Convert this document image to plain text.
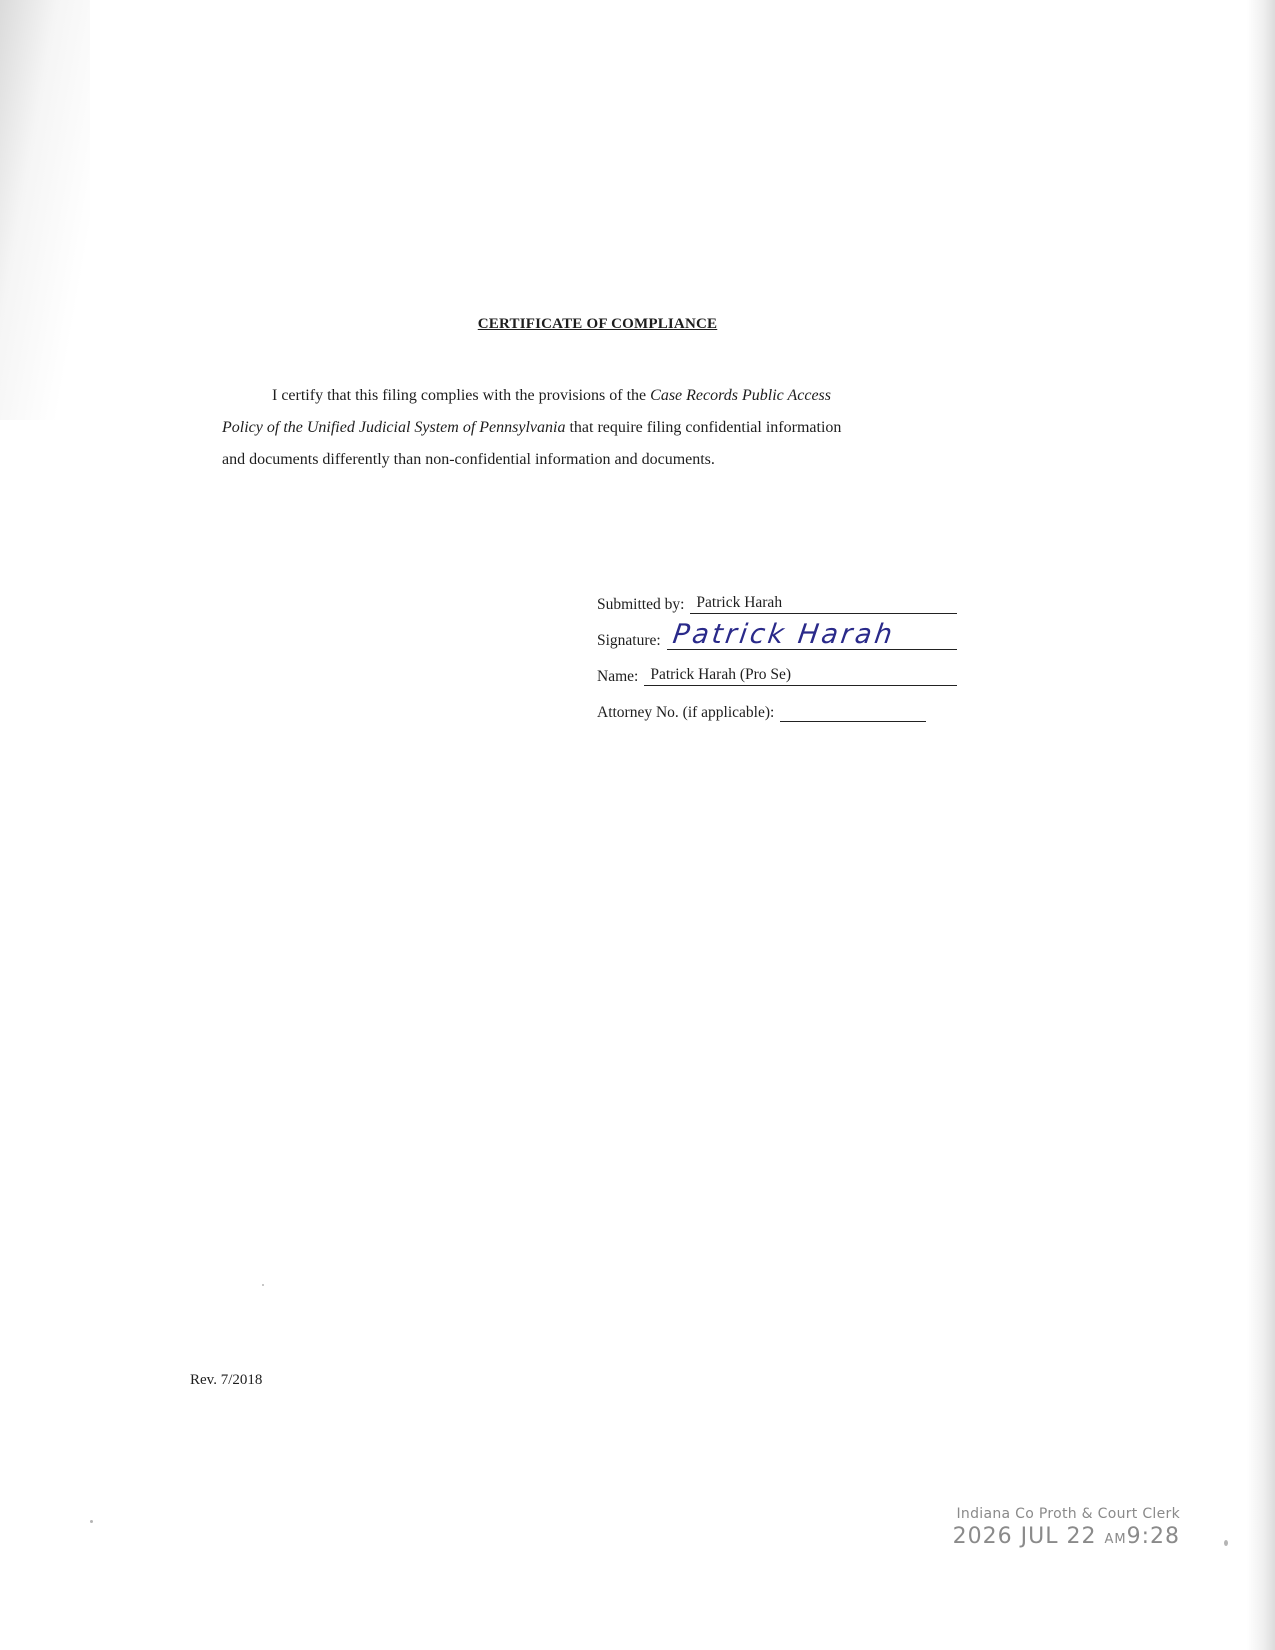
CERTIFICATE OF COMPLIANCE
I certify that this filing complies with the provisions of the Case Records Public Access
Policy of the Unified Judicial System of Pennsylvania that require filing confidential information
and documents differently than non-confidential information and documents.
Submitted by: Patrick Harah
Signature: Patrick Harah
Name: Patrick Harah (Pro Se)
Attorney No. (if applicable):
Rev. 7/2018
Indiana Co Proth & Court Clerk
2026 JUL 22 AM9:28
